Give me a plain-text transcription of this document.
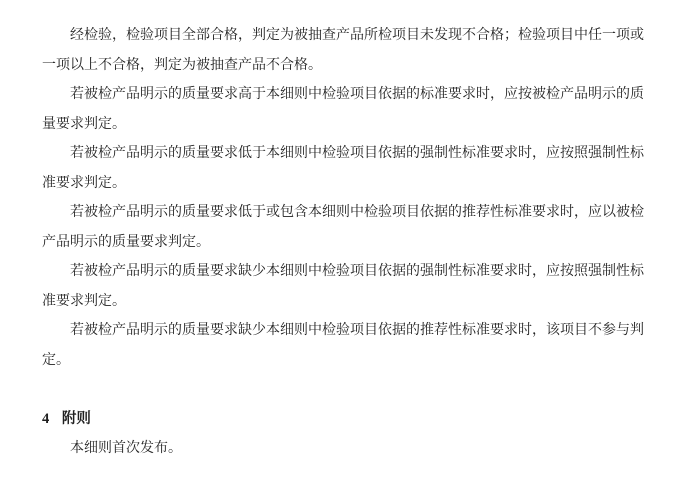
经检验，检验项目全部合格，判定为被抽查产品所检项目未发现不合格；检验项目中任一项或一项以上不合格，判定为被抽查产品不合格。

若被检产品明示的质量要求高于本细则中检验项目依据的标准要求时，应按被检产品明示的质量要求判定。

若被检产品明示的质量要求低于本细则中检验项目依据的强制性标准要求时，应按照强制性标准要求判定。

若被检产品明示的质量要求低于或包含本细则中检验项目依据的推荐性标准要求时，应以被检产品明示的质量要求判定。

若被检产品明示的质量要求缺少本细则中检验项目依据的强制性标准要求时，应按照强制性标准要求判定。

若被检产品明示的质量要求缺少本细则中检验项目依据的推荐性标准要求时，该项目不参与判定。

4 附则

本细则首次发布。
